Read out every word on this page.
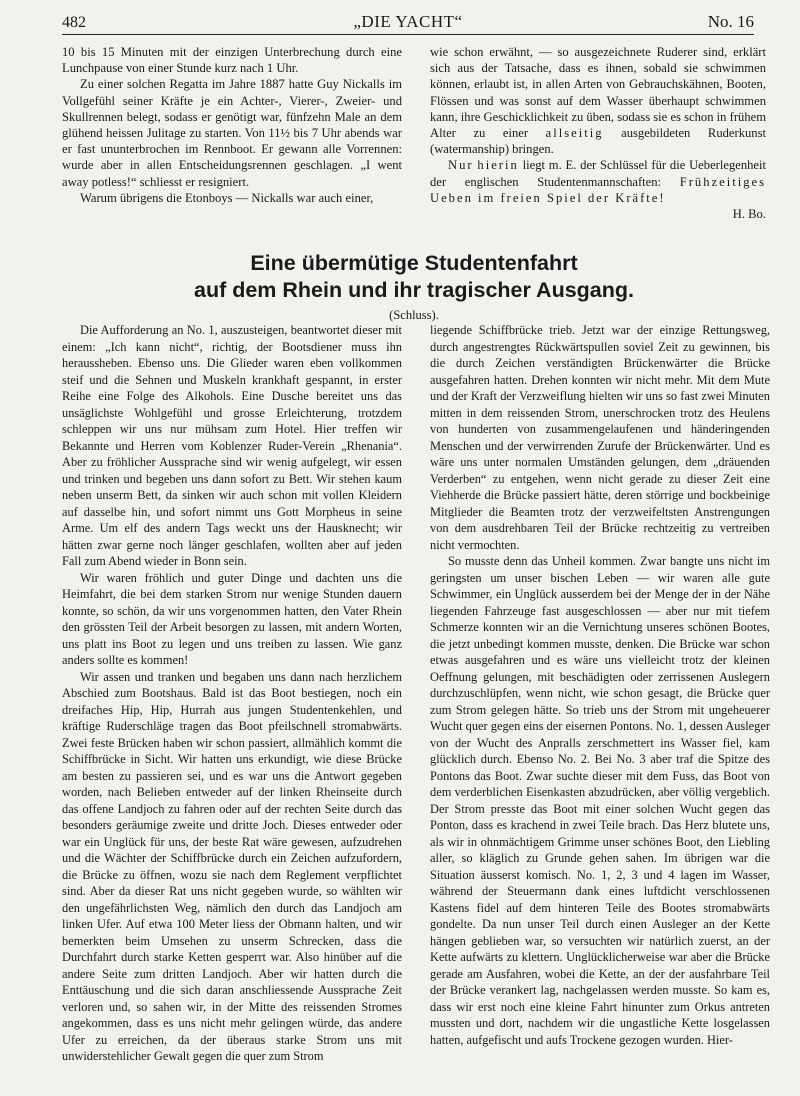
482	„DIE YACHT“	No. 16

10 bis 15 Minuten mit der einzigen Unterbrechung durch eine Lunchpause von einer Stunde kurz nach 1 Uhr.

Zu einer solchen Regatta im Jahre 1887 hatte Guy Nickalls im Vollgefühl seiner Kräfte je ein Achter-, Vierer-, Zweier- und Skullrennen belegt, sodass er genötigt war, fünfzehn Male an dem glühend heissen Julitage zu starten. Von 11½ bis 7 Uhr abends war er fast ununterbrochen im Rennboot. Er gewann alle Vorrennen: wurde aber in allen Entscheidungsrennen geschlagen. „I went away potless!“ schliesst er resigniert.

Warum übrigens die Etonboys — Nickalls war auch einer,

wie schon erwähnt, — so ausgezeichnete Ruderer sind, erklärt sich aus der Tatsache, dass es ihnen, sobald sie schwimmen können, erlaubt ist, in allen Arten von Gebrauchskähnen, Booten, Flössen und was sonst auf dem Wasser überhaupt schwimmen kann, ihre Geschicklichkeit zu üben, sodass sie es schon in frühem Alter zu einer allseitig ausgebildeten Ruderkunst (watermanship) bringen.

Nur hierin liegt m. E. der Schlüssel für die Ueberlegenheit der englischen Studentenmannschaften: Frühzeitiges Ueben im freien Spiel der Kräfte!

H. Bo.

Eine übermütige Studentenfahrt

auf dem Rhein und ihr tragischer Ausgang.

(Schluss).

Die Aufforderung an No. 1, auszusteigen, beantwortet dieser mit einem: „Ich kann nicht“, richtig, der Bootsdiener muss ihn heraussheben. Ebenso uns. Die Glieder waren eben vollkommen steif und die Sehnen und Muskeln krankhaft gespannt, in erster Reihe eine Folge des Alkohols. Eine Dusche bereitet uns das unsäglichste Wohlgefühl und grosse Erleichterung, trotzdem schleppen wir uns nur mühsam zum Hotel. Hier treffen wir Bekannte und Herren vom Koblenzer Ruder-Verein „Rhenania“. Aber zu fröhlicher Aussprache sind wir wenig aufgelegt, wir essen und trinken und begeben uns dann sofort zu Bett. Wir stehen kaum neben unserm Bett, da sinken wir auch schon mit vollen Kleidern auf dasselbe hin, und sofort nimmt uns Gott Morpheus in seine Arme. Um elf des andern Tags weckt uns der Hausknecht; wir hätten zwar gerne noch länger geschlafen, wollten aber auf jeden Fall zum Abend wieder in Bonn sein.

Wir waren fröhlich und guter Dinge und dachten uns die Heimfahrt, die bei dem starken Strom nur wenige Stunden dauern konnte, so schön, da wir uns vorgenommen hatten, den Vater Rhein den grössten Teil der Arbeit besorgen zu lassen, mit andern Worten, uns platt ins Boot zu legen und uns treiben zu lassen. Wie ganz anders sollte es kommen!

Wir assen und tranken und begaben uns dann nach herzlichem Abschied zum Bootshaus. Bald ist das Boot bestiegen, noch ein dreifaches Hip, Hip, Hurrah aus jungen Studentenkehlen, und kräftige Ruderschläge tragen das Boot pfeilschnell stromabwärts. Zwei feste Brücken haben wir schon passiert, allmählich kommt die Schiffbrücke in Sicht. Wir hatten uns erkundigt, wie diese Brücke am besten zu passieren sei, und es war uns die Antwort gegeben worden, nach Belieben entweder auf der linken Rheinseite durch das offene Landjoch zu fahren oder auf der rechten Seite durch das besonders geräumige zweite und dritte Joch. Dieses entweder oder war ein Unglück für uns, der beste Rat wäre gewesen, aufzudrehen und die Wächter der Schiffbrücke durch ein Zeichen aufzufordern, die Brücke zu öffnen, wozu sie nach dem Reglement verpflichtet sind. Aber da dieser Rat uns nicht gegeben wurde, so wählten wir den ungefährlichsten Weg, nämlich den durch das Landjoch am linken Ufer. Auf etwa 100 Meter liess der Obmann halten, und wir bemerkten beim Umsehen zu unserm Schrecken, dass die Durchfahrt durch starke Ketten gesperrt war. Also hinüber auf die andere Seite zum dritten Landjoch. Aber wir hatten durch die Enttäuschung und die sich daran anschliessende Aussprache Zeit verloren und, so sahen wir, in der Mitte des reissenden Stromes angekommen, dass es uns nicht mehr gelingen würde, das andere Ufer zu erreichen, da der überaus starke Strom uns mit unwiderstehlicher Gewalt gegen die quer zum Strom

liegende Schiffbrücke trieb. Jetzt war der einzige Rettungsweg, durch angestrengtes Rückwärtspullen soviel Zeit zu gewinnen, bis die durch Zeichen verständigten Brückenwärter die Brücke ausgefahren hatten. Drehen konnten wir nicht mehr. Mit dem Mute und der Kraft der Verzweiflung hielten wir uns so fast zwei Minuten mitten in dem reissenden Strom, unerschrocken trotz des Heulens von hunderten von zusammengelaufenen und händeringenden Menschen und der verwirrenden Zurufe der Brückenwärter. Und es wäre uns unter normalen Umständen gelungen, dem „dräuenden Verderben“ zu entgehen, wenn nicht gerade zu dieser Zeit eine Viehherde die Brücke passiert hätte, deren störrige und bockbeinige Mitglieder die Beamten trotz der verzweifeltsten Anstrengungen von dem ausdrehbaren Teil der Brücke rechtzeitig zu vertreiben nicht vermochten.

So musste denn das Unheil kommen. Zwar bangte uns nicht im geringsten um unser bischen Leben — wir waren alle gute Schwimmer, ein Unglück ausserdem bei der Menge der in der Nähe liegenden Fahrzeuge fast ausgeschlossen — aber nur mit tiefem Schmerze konnten wir an die Vernichtung unseres schönen Bootes, die jetzt unbedingt kommen musste, denken. Die Brücke war schon etwas ausgefahren und es wäre uns vielleicht trotz der kleinen Oeffnung gelungen, mit beschädigten oder zerrissenen Auslegern durchzuschlüpfen, wenn nicht, wie schon gesagt, die Brücke quer zum Strom gelegen hätte. So trieb uns der Strom mit ungeheuerer Wucht quer gegen eins der eisernen Pontons. No. 1, dessen Ausleger von der Wucht des Anpralls zerschmettert ins Wasser fiel, kam glücklich durch. Ebenso No. 2. Bei No. 3 aber traf die Spitze des Pontons das Boot. Zwar suchte dieser mit dem Fuss, das Boot von dem verderblichen Eisenkasten abzudrücken, aber völlig vergeblich. Der Strom presste das Boot mit einer solchen Wucht gegen das Ponton, dass es krachend in zwei Teile brach. Das Herz blutete uns, als wir in ohnmächtigem Grimme unser schönes Boot, den Liebling aller, so kläglich zu Grunde gehen sahen. Im übrigen war die Situation äusserst komisch. No. 1, 2, 3 und 4 lagen im Wasser, während der Steuermann dank eines luftdicht verschlossenen Kastens fidel auf dem hinteren Teile des Bootes stromabwärts gondelte. Da nun unser Teil durch einen Ausleger an der Kette hängen geblieben war, so versuchten wir natürlich zuerst, an der Kette aufwärts zu klettern. Unglücklicherweise war aber die Brücke gerade am Ausfahren, wobei die Kette, an der der ausfahrbare Teil der Brücke verankert lag, nachgelassen werden musste. So kam es, dass wir erst noch eine kleine Fahrt hinunter zum Orkus antreten mussten und dort, nachdem wir die ungastliche Kette losgelassen hatten, aufgefischt und aufs Trockene gezogen wurden. Hier-
